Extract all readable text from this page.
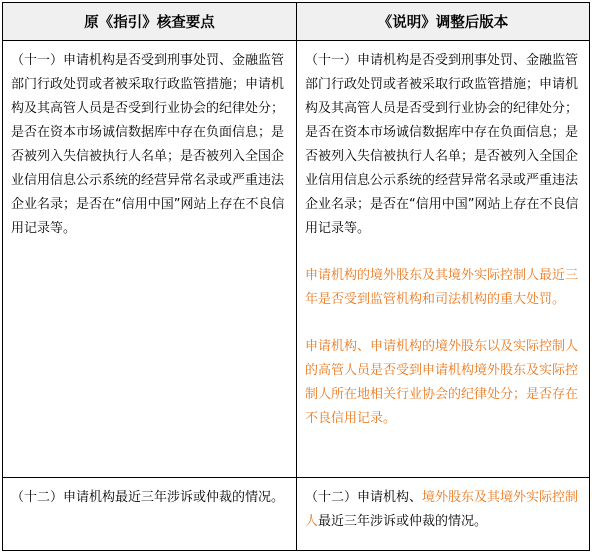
原《指引》核查要点	《说明》调整后版本

（十一）申请机构是否受到刑事处罚、金融监管部门行政处罚或者被采取行政监管措施；申请机构及其高管人员是否受到行业协会的纪律处分；是否在资本市场诚信数据库中存在负面信息；是否被列入失信被执行人名单；是否被列入全国企业信用信息公示系统的经营异常名录或严重违法企业名录；是否在“信用中国”网站上存在不良信用记录等。

（十一）申请机构是否受到刑事处罚、金融监管部门行政处罚或者被采取行政监管措施；申请机构及其高管人员是否受到行业协会的纪律处分；是否在资本市场诚信数据库中存在负面信息；是否被列入失信被执行人名单；是否被列入全国企业信用信息公示系统的经营异常名录或严重违法企业名录；是否在“信用中国”网站上存在不良信用记录等。

申请机构的境外股东及其境外实际控制人最近三年是否受到监管机构和司法机构的重大处罚。

申请机构、申请机构的境外股东以及实际控制人的高管人员是否受到申请机构境外股东及实际控制人所在地相关行业协会的纪律处分；是否存在不良信用记录。

（十二）申请机构最近三年涉诉或仲裁的情况。	（十二）申请机构、境外股东及其境外实际控制人最近三年涉诉或仲裁的情况。
